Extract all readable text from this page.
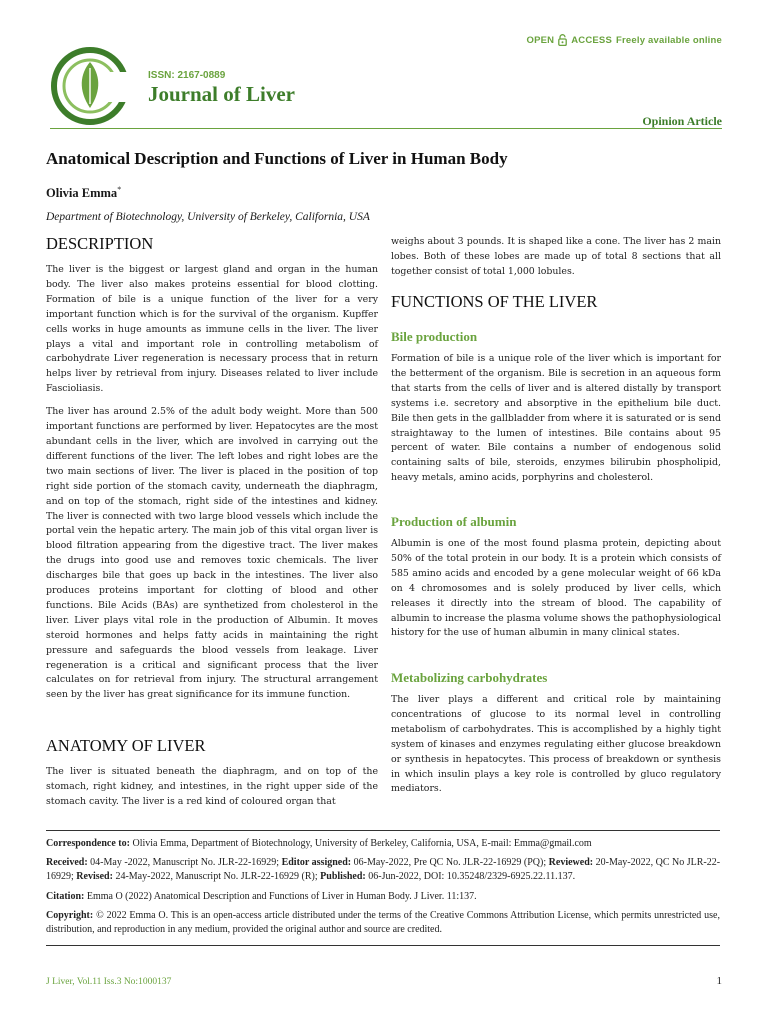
OPEN ACCESS Freely available online
ISSN: 2167-0889
Journal of Liver
Opinion Article
Anatomical Description and Functions of Liver in Human Body
Olivia Emma*
Department of Biotechnology, University of Berkeley, California, USA
DESCRIPTION

The liver is the biggest or largest gland and organ in the human body. The liver also makes proteins essential for blood clotting. Formation of bile is a unique function of the liver for a very important function which is for the survival of the organism. Kupffer cells works in huge amounts as immune cells in the liver. The liver plays a vital and important role in controlling metabolism of carbohydrate Liver regeneration is necessary process that in return helps liver by retrieval from injury. Diseases related to liver include Fascioliasis.

The liver has around 2.5% of the adult body weight. More than 500 important functions are performed by liver. Hepatocytes are the most abundant cells in the liver, which are involved in carrying out the different functions of the liver. The left lobes and right lobes are the two main sections of liver. The liver is placed in the position of top right side portion of the stomach cavity, underneath the diaphragm, and on top of the stomach, right side of the intestines and kidney. The liver is connected with two large blood vessels which include the portal vein the hepatic artery. The main job of this vital organ liver is blood filtration appearing from the digestive tract. The liver makes the drugs into good use and removes toxic chemicals. The liver discharges bile that goes up back in the intestines. The liver also produces proteins important for clotting of blood and other functions. Bile Acids (BAs) are synthetized from cholesterol in the liver. Liver plays vital role in the production of Albumin. It moves steroid hormones and helps fatty acids in maintaining the right pressure and safeguards the blood vessels from leakage. Liver regeneration is a critical and significant process that the liver calculates on for retrieval from injury. The structural arrangement seen by the liver has great significance for its immune function.

ANATOMY OF LIVER

The liver is situated beneath the diaphragm, and on top of the stomach, right kidney, and intestines, in the right upper side of the stomach cavity. The liver is a red kind of coloured organ that

weighs about 3 pounds. It is shaped like a cone. The liver has 2 main lobes. Both of these lobes are made up of total 8 sections that all together consist of total 1,000 lobules.

FUNCTIONS OF THE LIVER
Bile production

Formation of bile is a unique role of the liver which is important for the betterment of the organism. Bile is secretion in an aqueous form that starts from the cells of liver and is altered distally by transport systems i.e. secretory and absorptive in the epithelium bile duct. Bile then gets in the gallbladder from where it is saturated or is send straightaway to the lumen of intestines. Bile contains about 95 percent of water. Bile contains a number of endogenous solid containing salts of bile, steroids, enzymes bilirubin phospholipid, heavy metals, amino acids, porphyrins and cholesterol.

Production of albumin

Albumin is one of the most found plasma protein, depicting about 50% of the total protein in our body. It is a protein which consists of 585 amino acids and encoded by a gene molecular weight of 66 kDa on 4 chromosomes and is solely produced by liver cells, which releases it directly into the stream of blood. The capability of albumin to increase the plasma volume shows the pathophysiological history for the use of human albumin in many clinical states.

Metabolizing carbohydrates

The liver plays a different and critical role by maintaining concentrations of glucose to its normal level in controlling metabolism of carbohydrates. This is accomplished by a highly tight system of kinases and enzymes regulating either glucose breakdown or synthesis in hepatocytes. This process of breakdown or synthesis in which insulin plays a key role is controlled by gluco regulatory mediators.

Correspondence to: Olivia Emma, Department of Biotechnology, University of Berkeley, California, USA, E-mail: Emma@gmail.com
Received: 04-May -2022, Manuscript No. JLR-22-16929; Editor assigned: 06-May-2022, Pre QC No. JLR-22-16929 (PQ); Reviewed: 20-May-2022, QC No JLR-22-16929; Revised: 24-May-2022, Manuscript No. JLR-22-16929 (R); Published: 06-Jun-2022, DOI: 10.35248/2329-6925.22.11.137.
Citation: Emma O (2022) Anatomical Description and Functions of Liver in Human Body. J Liver. 11:137.
Copyright: © 2022 Emma O. This is an open-access article distributed under the terms of the Creative Commons Attribution License, which permits unrestricted use, distribution, and reproduction in any medium, provided the original author and source are credited.
J Liver, Vol.11 Iss.3 No:1000137	1
